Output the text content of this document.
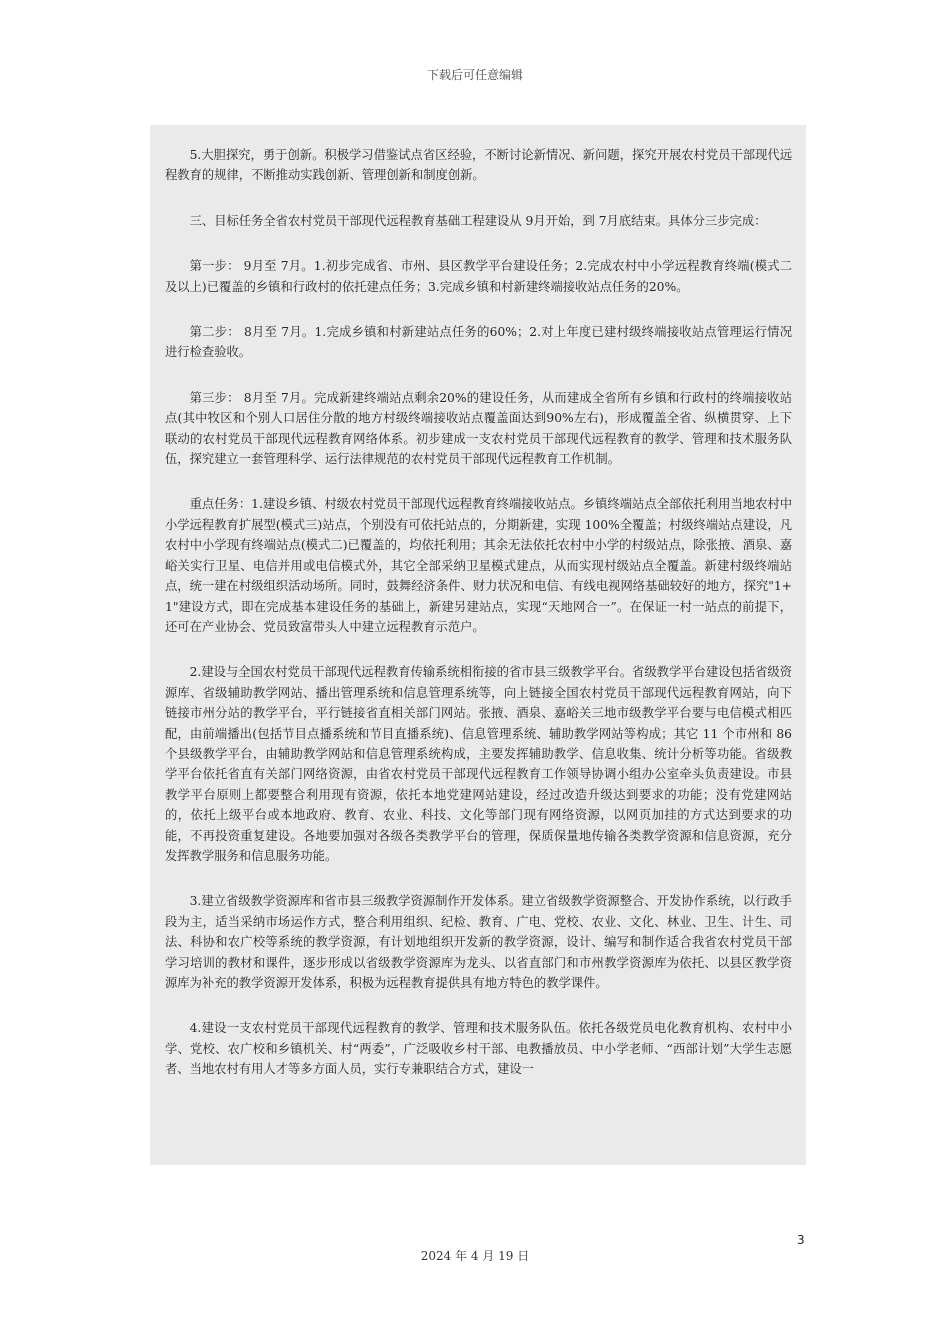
下载后可任意编辑

5.大胆探究，勇于创新。积极学习借鉴试点省区经验，不断讨论新情况、新问题，探究开展农村党员干部现代远程教育的规律，不断推动实践创新、管理创新和制度创新。

三、目标任务全省农村党员干部现代远程教育基础工程建设从 9月开始，到 7月底结束。具体分三步完成：

第一步： 9月至 7月。1.初步完成省、市州、县区教学平台建设任务；2.完成农村中小学远程教育终端(模式二及以上)已覆盖的乡镇和行政村的依托建点任务；3.完成乡镇和村新建终端接收站点任务的20%。

第二步： 8月至 7月。1.完成乡镇和村新建站点任务的60%；2.对上年度已建村级终端接收站点管理运行情况进行检查验收。

第三步： 8月至 7月。完成新建终端站点剩余20%的建设任务，从而建成全省所有乡镇和行政村的终端接收站点(其中牧区和个别人口居住分散的地方村级终端接收站点覆盖面达到90%左右)，形成覆盖全省、纵横贯穿、上下联动的农村党员干部现代远程教育网络体系。初步建成一支农村党员干部现代远程教育的教学、管理和技术服务队伍，探究建立一套管理科学、运行法律规范的农村党员干部现代远程教育工作机制。

重点任务：1.建设乡镇、村级农村党员干部现代远程教育终端接收站点。乡镇终端站点全部依托利用当地农村中小学远程教育扩展型(模式三)站点，个别没有可依托站点的，分期新建，实现 100%全覆盖；村级终端站点建设，凡农村中小学现有终端站点(模式二)已覆盖的，均依托利用；其余无法依托农村中小学的村级站点，除张掖、酒泉、嘉峪关实行卫星、电信并用或电信模式外，其它全部采纳卫星模式建点，从而实现村级站点全覆盖。新建村级终端站点，统一建在村级组织活动场所。同时，鼓舞经济条件、财力状况和电信、有线电视网络基础较好的地方，探究"1+1"建设方式，即在完成基本建设任务的基础上，新建另建站点，实现“天地网合一”。在保证一村一站点的前提下，还可在产业协会、党员致富带头人中建立远程教育示范户。

2.建设与全国农村党员干部现代远程教育传输系统相衔接的省市县三级教学平台。省级教学平台建设包括省级资源库、省级辅助教学网站、播出管理系统和信息管理系统等，向上链接全国农村党员干部现代远程教育网站，向下链接市州分站的教学平台，平行链接省直相关部门网站。张掖、酒泉、嘉峪关三地市级教学平台要与电信模式相匹配，由前端播出(包括节目点播系统和节目直播系统)、信息管理系统、辅助教学网站等构成；其它 11 个市州和 86 个县级教学平台，由辅助教学网站和信息管理系统构成，主要发挥辅助教学、信息收集、统计分析等功能。省级教学平台依托省直有关部门网络资源，由省农村党员干部现代远程教育工作领导协调小组办公室牵头负责建设。市县教学平台原则上都要整合利用现有资源，依托本地党建网站建设，经过改造升级达到要求的功能；没有党建网站的，依托上级平台或本地政府、教育、农业、科技、文化等部门现有网络资源，以网页加挂的方式达到要求的功能，不再投资重复建设。各地要加强对各级各类教学平台的管理，保质保量地传输各类教学资源和信息资源，充分发挥教学服务和信息服务功能。

3.建立省级教学资源库和省市县三级教学资源制作开发体系。建立省级教学资源整合、开发协作系统，以行政手段为主，适当采纳市场运作方式，整合利用组织、纪检、教育、广电、党校、农业、文化、林业、卫生、计生、司法、科协和农广校等系统的教学资源，有计划地组织开发新的教学资源，设计、编写和制作适合我省农村党员干部学习培训的教材和课件，逐步形成以省级教学资源库为龙头、以省直部门和市州教学资源库为依托、以县区教学资源库为补充的教学资源开发体系，积极为远程教育提供具有地方特色的教学课件。

4.建设一支农村党员干部现代远程教育的教学、管理和技术服务队伍。依托各级党员电化教育机构、农村中小学、党校、农广校和乡镇机关、村“两委”，广泛吸收乡村干部、电教播放员、中小学老师、“西部计划”大学生志愿者、当地农村有用人才等多方面人员，实行专兼职结合方式，建设一

3
2024 年 4 月 19 日
